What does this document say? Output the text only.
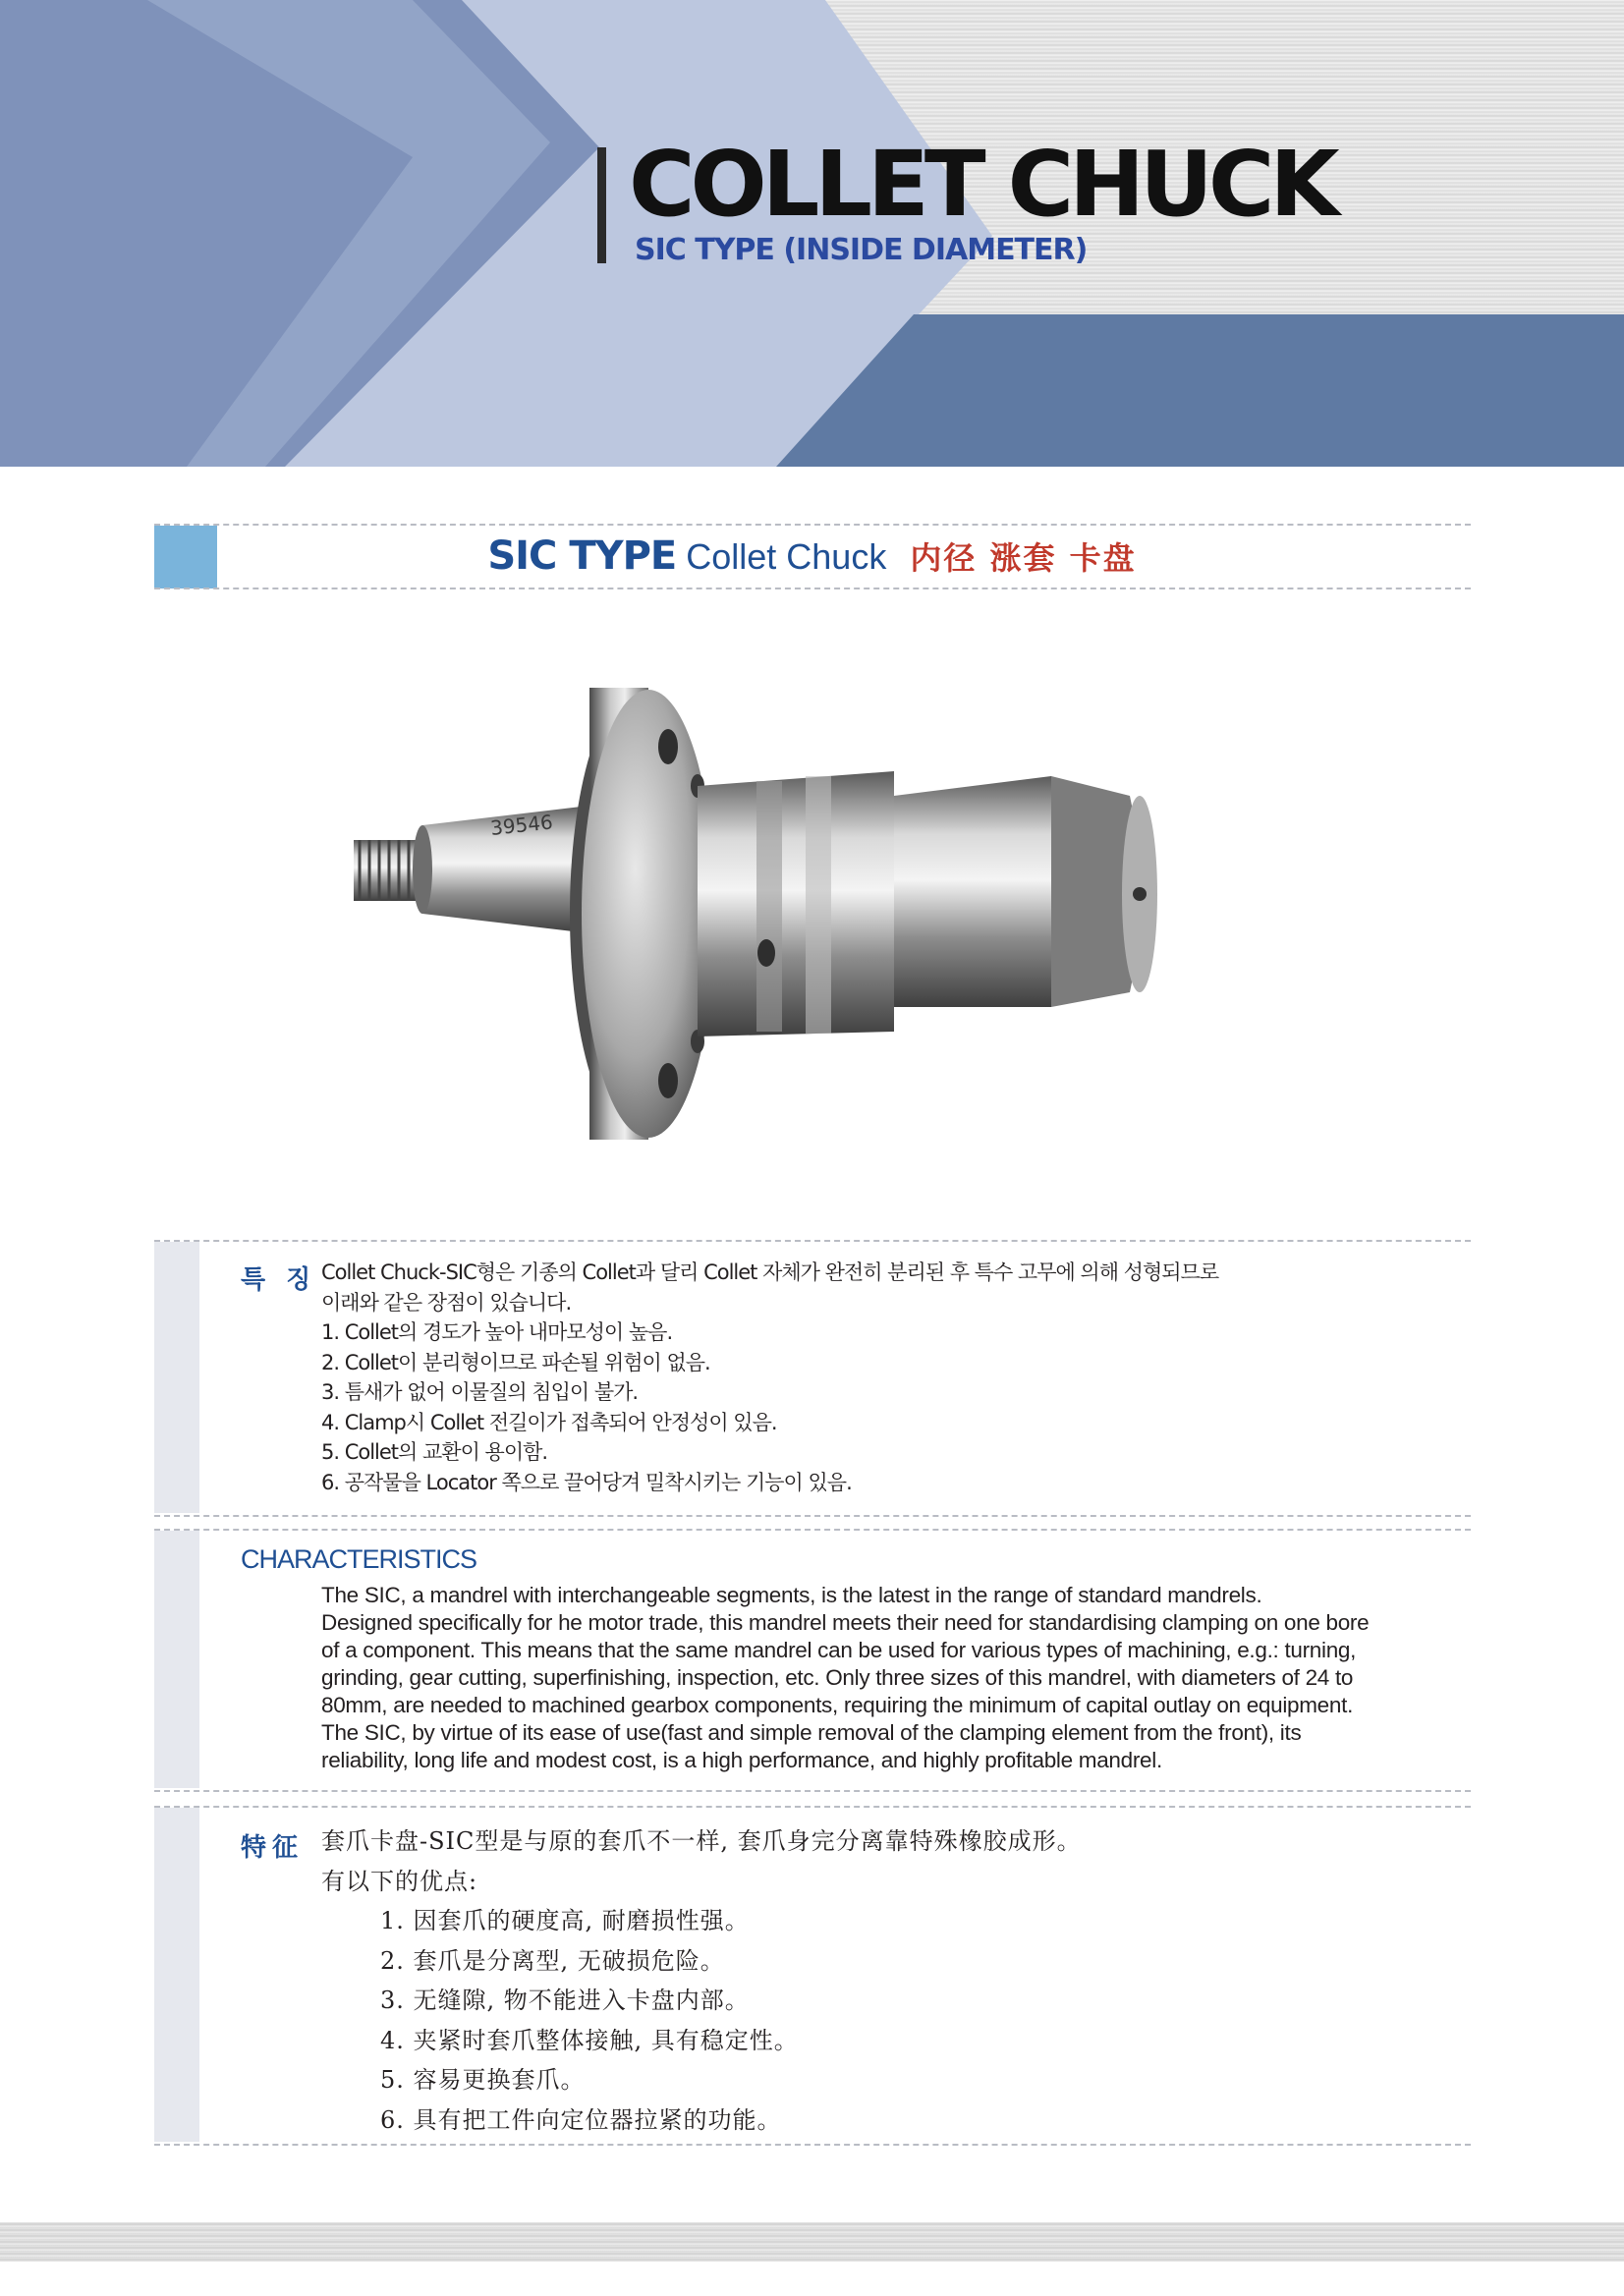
COLLET CHUCK
SIC TYPE (INSIDE DIAMETER)
SIC TYPE Collet Chuck 内径 涨套 卡盘
39546
특 징 Collet Chuck-SIC형은 기종의 Collet과 달리 Collet 자체가 완전히 분리된 후 특수 고무에 의해 성형되므로
이래와 같은 장점이 있습니다.
1. Collet의 경도가 높아 내마모성이 높음.
2. Collet이 분리형이므로 파손될 위험이 없음.
3. 틈새가 없어 이물질의 침입이 불가.
4. Clamp시 Collet 전길이가 접촉되어 안정성이 있음.
5. Collet의 교환이 용이함.
6. 공작물을 Locator 쪽으로 끌어당겨 밀착시키는 기능이 있음.
CHARACTERISTICS
The SIC, a mandrel with interchangeable segments, is the latest in the range of standard mandrels.
Designed specifically for he motor trade, this mandrel meets their need for standardising clamping on one bore
of a component. This means that the same mandrel can be used for various types of machining, e.g.: turning,
grinding, gear cutting, superfinishing, inspection, etc. Only three sizes of this mandrel, with diameters of 24 to
80mm, are needed to machined gearbox components, requiring the minimum of capital outlay on equipment.
The SIC, by virtue of its ease of use(fast and simple removal of the clamping element from the front), its
reliability, long life and modest cost, is a high performance, and highly profitable mandrel.
特征 套爪卡盘-SIC型是与原的套爪不一样, 套爪身完分离靠特殊橡胶成形。
有以下的优点:
1. 因套爪的硬度高, 耐磨损性强。
2. 套爪是分离型, 无破损危险。
3. 无缝隙, 物不能进入卡盘内部。
4. 夹紧时套爪整体接触, 具有稳定性。
5. 容易更换套爪。
6. 具有把工件向定位器拉紧的功能。
